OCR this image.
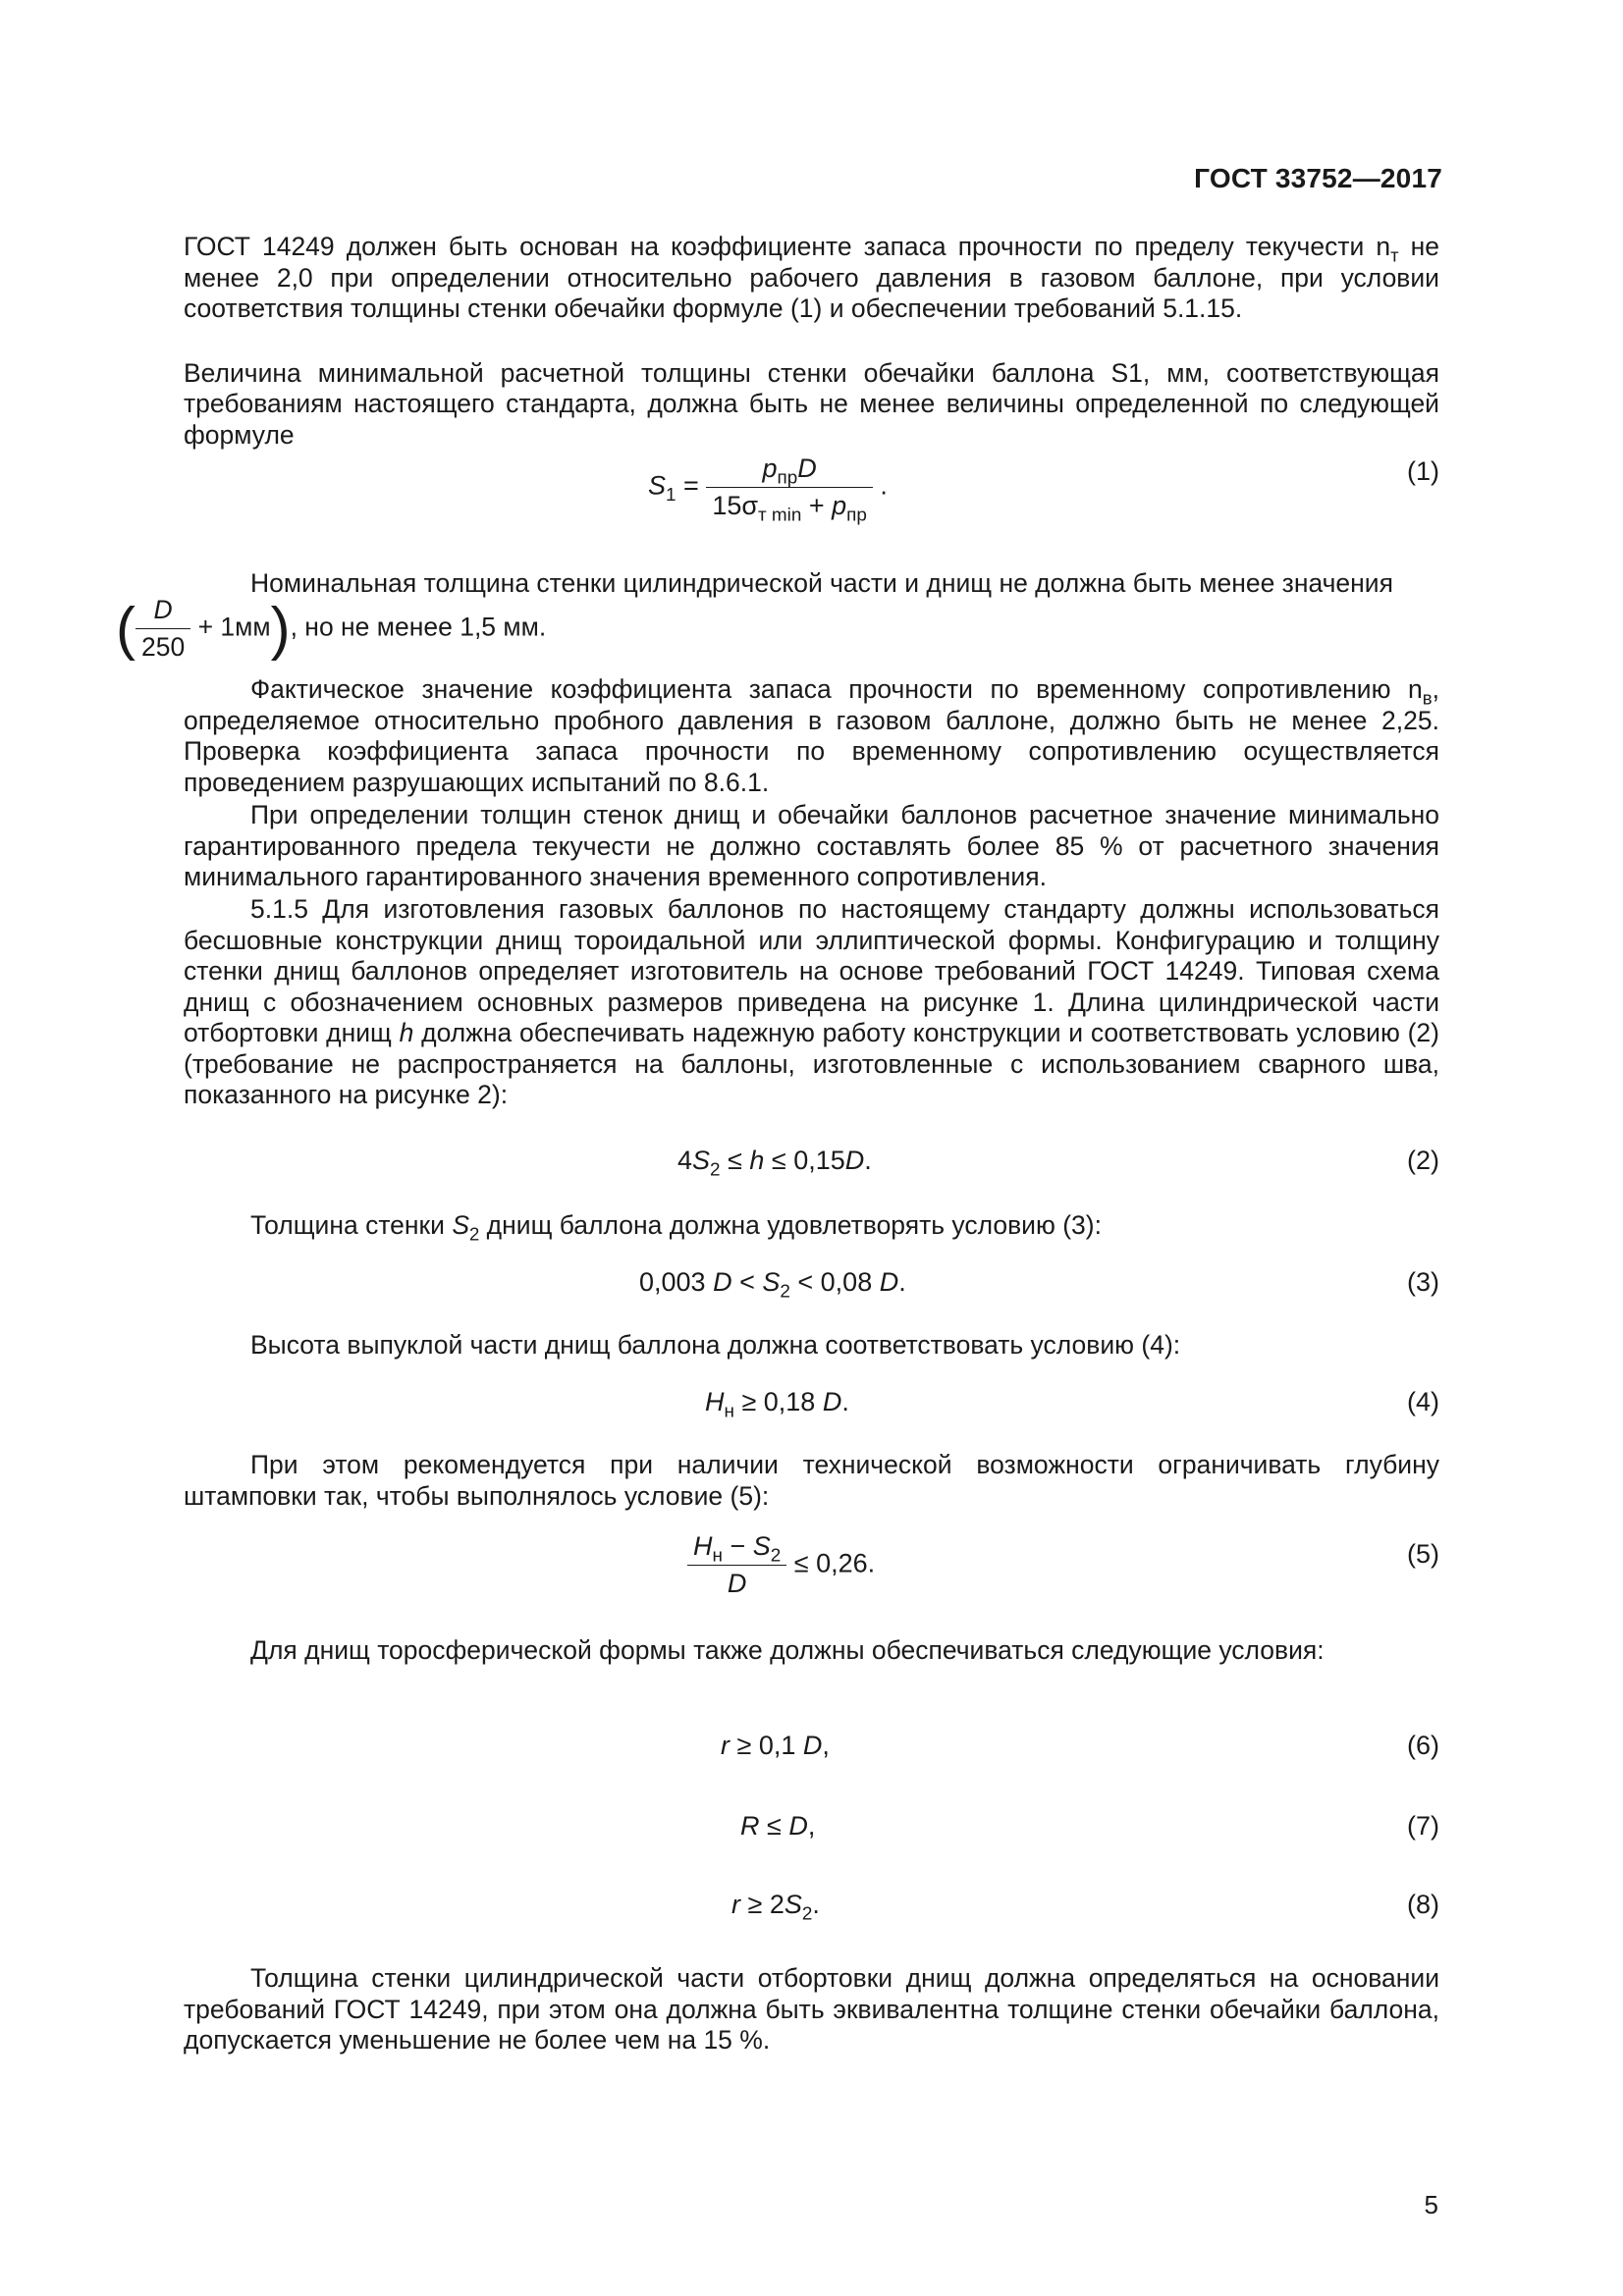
ГОСТ 33752—2017
ГОСТ 14249 должен быть основан на коэффициенте запаса прочности по пределу текучести $n_т$ не менее 2,0 при определении относительно рабочего давления в газовом баллоне, при условии соответствия толщины стенки обечайки формуле (1) и обеспечении требований 5.1.15.
Величина минимальной расчетной толщины стенки обечайки баллона S1, мм, соответствующая требованиям настоящего стандарта, должна быть не менее величины определенной по следующей формуле
$S_1 = \frac{p_{пр}D}{15\sigma_{т min} + p_{пр}}$ .	(1)
Номинальная толщина стенки цилиндрической части и днищ не должна быть менее значения
( $\frac{D}{250} + 1мм$), но не менее 1,5 мм.
Фактическое значение коэффициента запаса прочности по временному сопротивлению $n_в$, определяемое относительно пробного давления в газовом баллоне, должно быть не менее 2,25. Проверка коэффициента запаса прочности по временному сопротивлению осуществляется проведением разрушающих испытаний по 8.6.1.
При определении толщин стенок днищ и обечайки баллонов расчетное значение минимально гарантированного предела текучести не должно составлять более 85 % от расчетного значения минимального гарантированного значения временного сопротивления.
5.1.5 Для изготовления газовых баллонов по настоящему стандарту должны использоваться бесшовные конструкции днищ тороидальной или эллиптической формы. Конфигурацию и толщину стенки днищ баллонов определяет изготовитель на основе требований ГОСТ 14249. Типовая схема днищ с обозначением основных размеров приведена на рисунке 1. Длина цилиндрической части отбортовки днищ h должна обеспечивать надежную работу конструкции и соответствовать условию (2) (требование не распространяется на баллоны, изготовленные с использованием сварного шва, показанного на рисунке 2):
$4S_2 \le h \le 0,15D$.	(2)
Толщина стенки $S_2$ днищ баллона должна удовлетворять условию (3):
0,003 $D < S_2 < 0,08$ D.	(3)
Высота выпуклой части днищ баллона должна соответствовать условию (4):
$H_н \ge 0,18$ D.	(4)
При этом рекомендуется при наличии технической возможности ограничивать глубину штамповки так, чтобы выполнялось условие (5):
$\frac{H_н - S_2}{D} \le 0,26$.	(5)
Для днищ торосферической формы также должны обеспечиваться следующие условия:
r ≥ 0,1 D,	(6)
R ≤ D,	(7)
$r \ge 2S_2$.	(8)
Толщина стенки цилиндрической части отбортовки днищ должна определяться на основании требований ГОСТ 14249, при этом она должна быть эквивалентна толщине стенки обечайки баллона, допускается уменьшение не более чем на 15 %.
5
